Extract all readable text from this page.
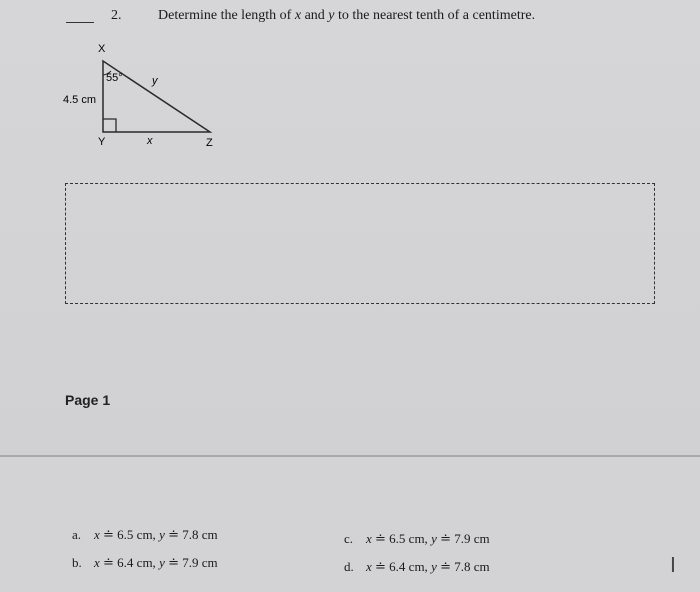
2.	Determine the length of x and y to the nearest tenth of a centimetre.
X
Y	Z
55°
4.5 cm
y
x
Page 1
a. x ≐ 6.5 cm, y ≐ 7.8 cm
b. x ≐ 6.4 cm, y ≐ 7.9 cm
c. x ≐ 6.5 cm, y ≐ 7.9 cm
d. x ≐ 6.4 cm, y ≐ 7.8 cm	I
